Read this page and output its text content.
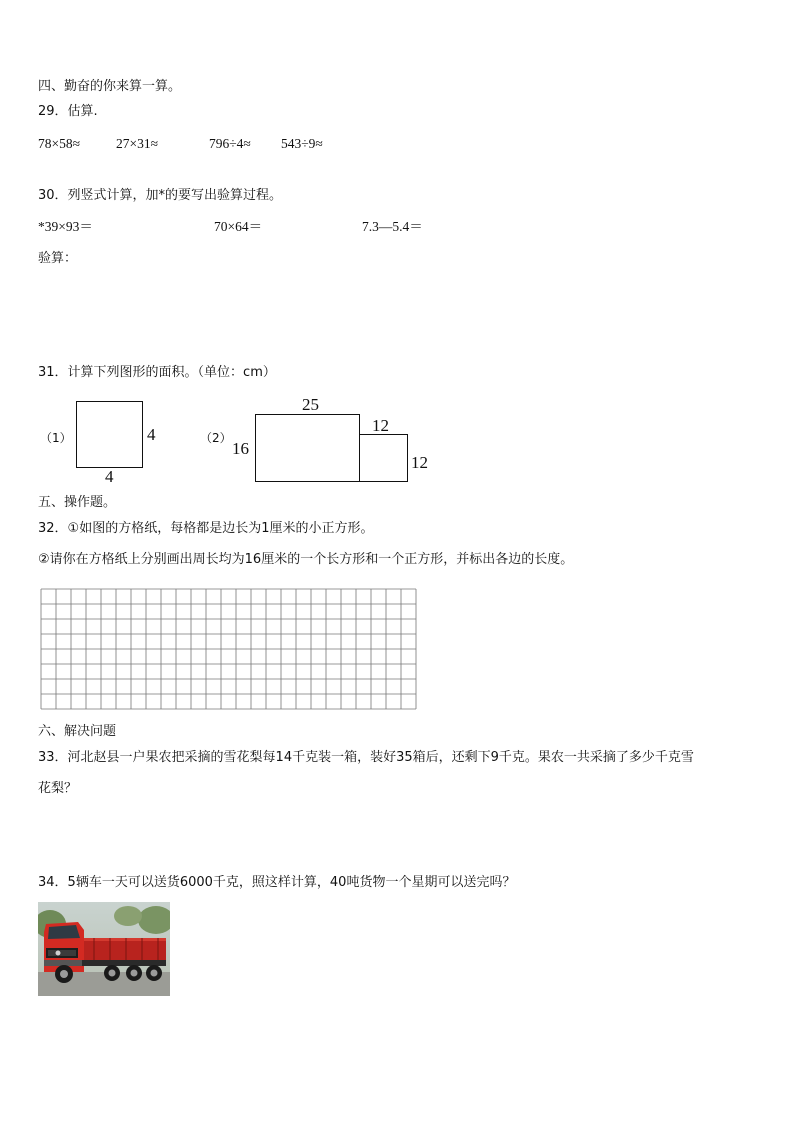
四、勤奋的你来算一算。
29．估算.
78×58≈	27×31≈	796÷4≈ 543÷9≈
30．列竖式计算，加*的要写出验算过程。
*39×93＝	70×64＝	7.3—5.4＝
验算：
31．计算下列图形的面积。（单位：cm）
（1）	4
4
（2）
25
16
12
12
五、操作题。
32．①如图的方格纸，每格都是边长为1厘米的小正方形。
②请你在方格纸上分别画出周长均为16厘米的一个长方形和一个正方形，并标出各边的长度。
六、解决问题
33．河北赵县一户果农把采摘的雪花梨每14千克装一箱，装好35箱后，还剩下9千克。果农一共采摘了多少千克雪
花梨？
34．5辆车一天可以送货6000千克，照这样计算，40吨货物一个星期可以送完吗？
